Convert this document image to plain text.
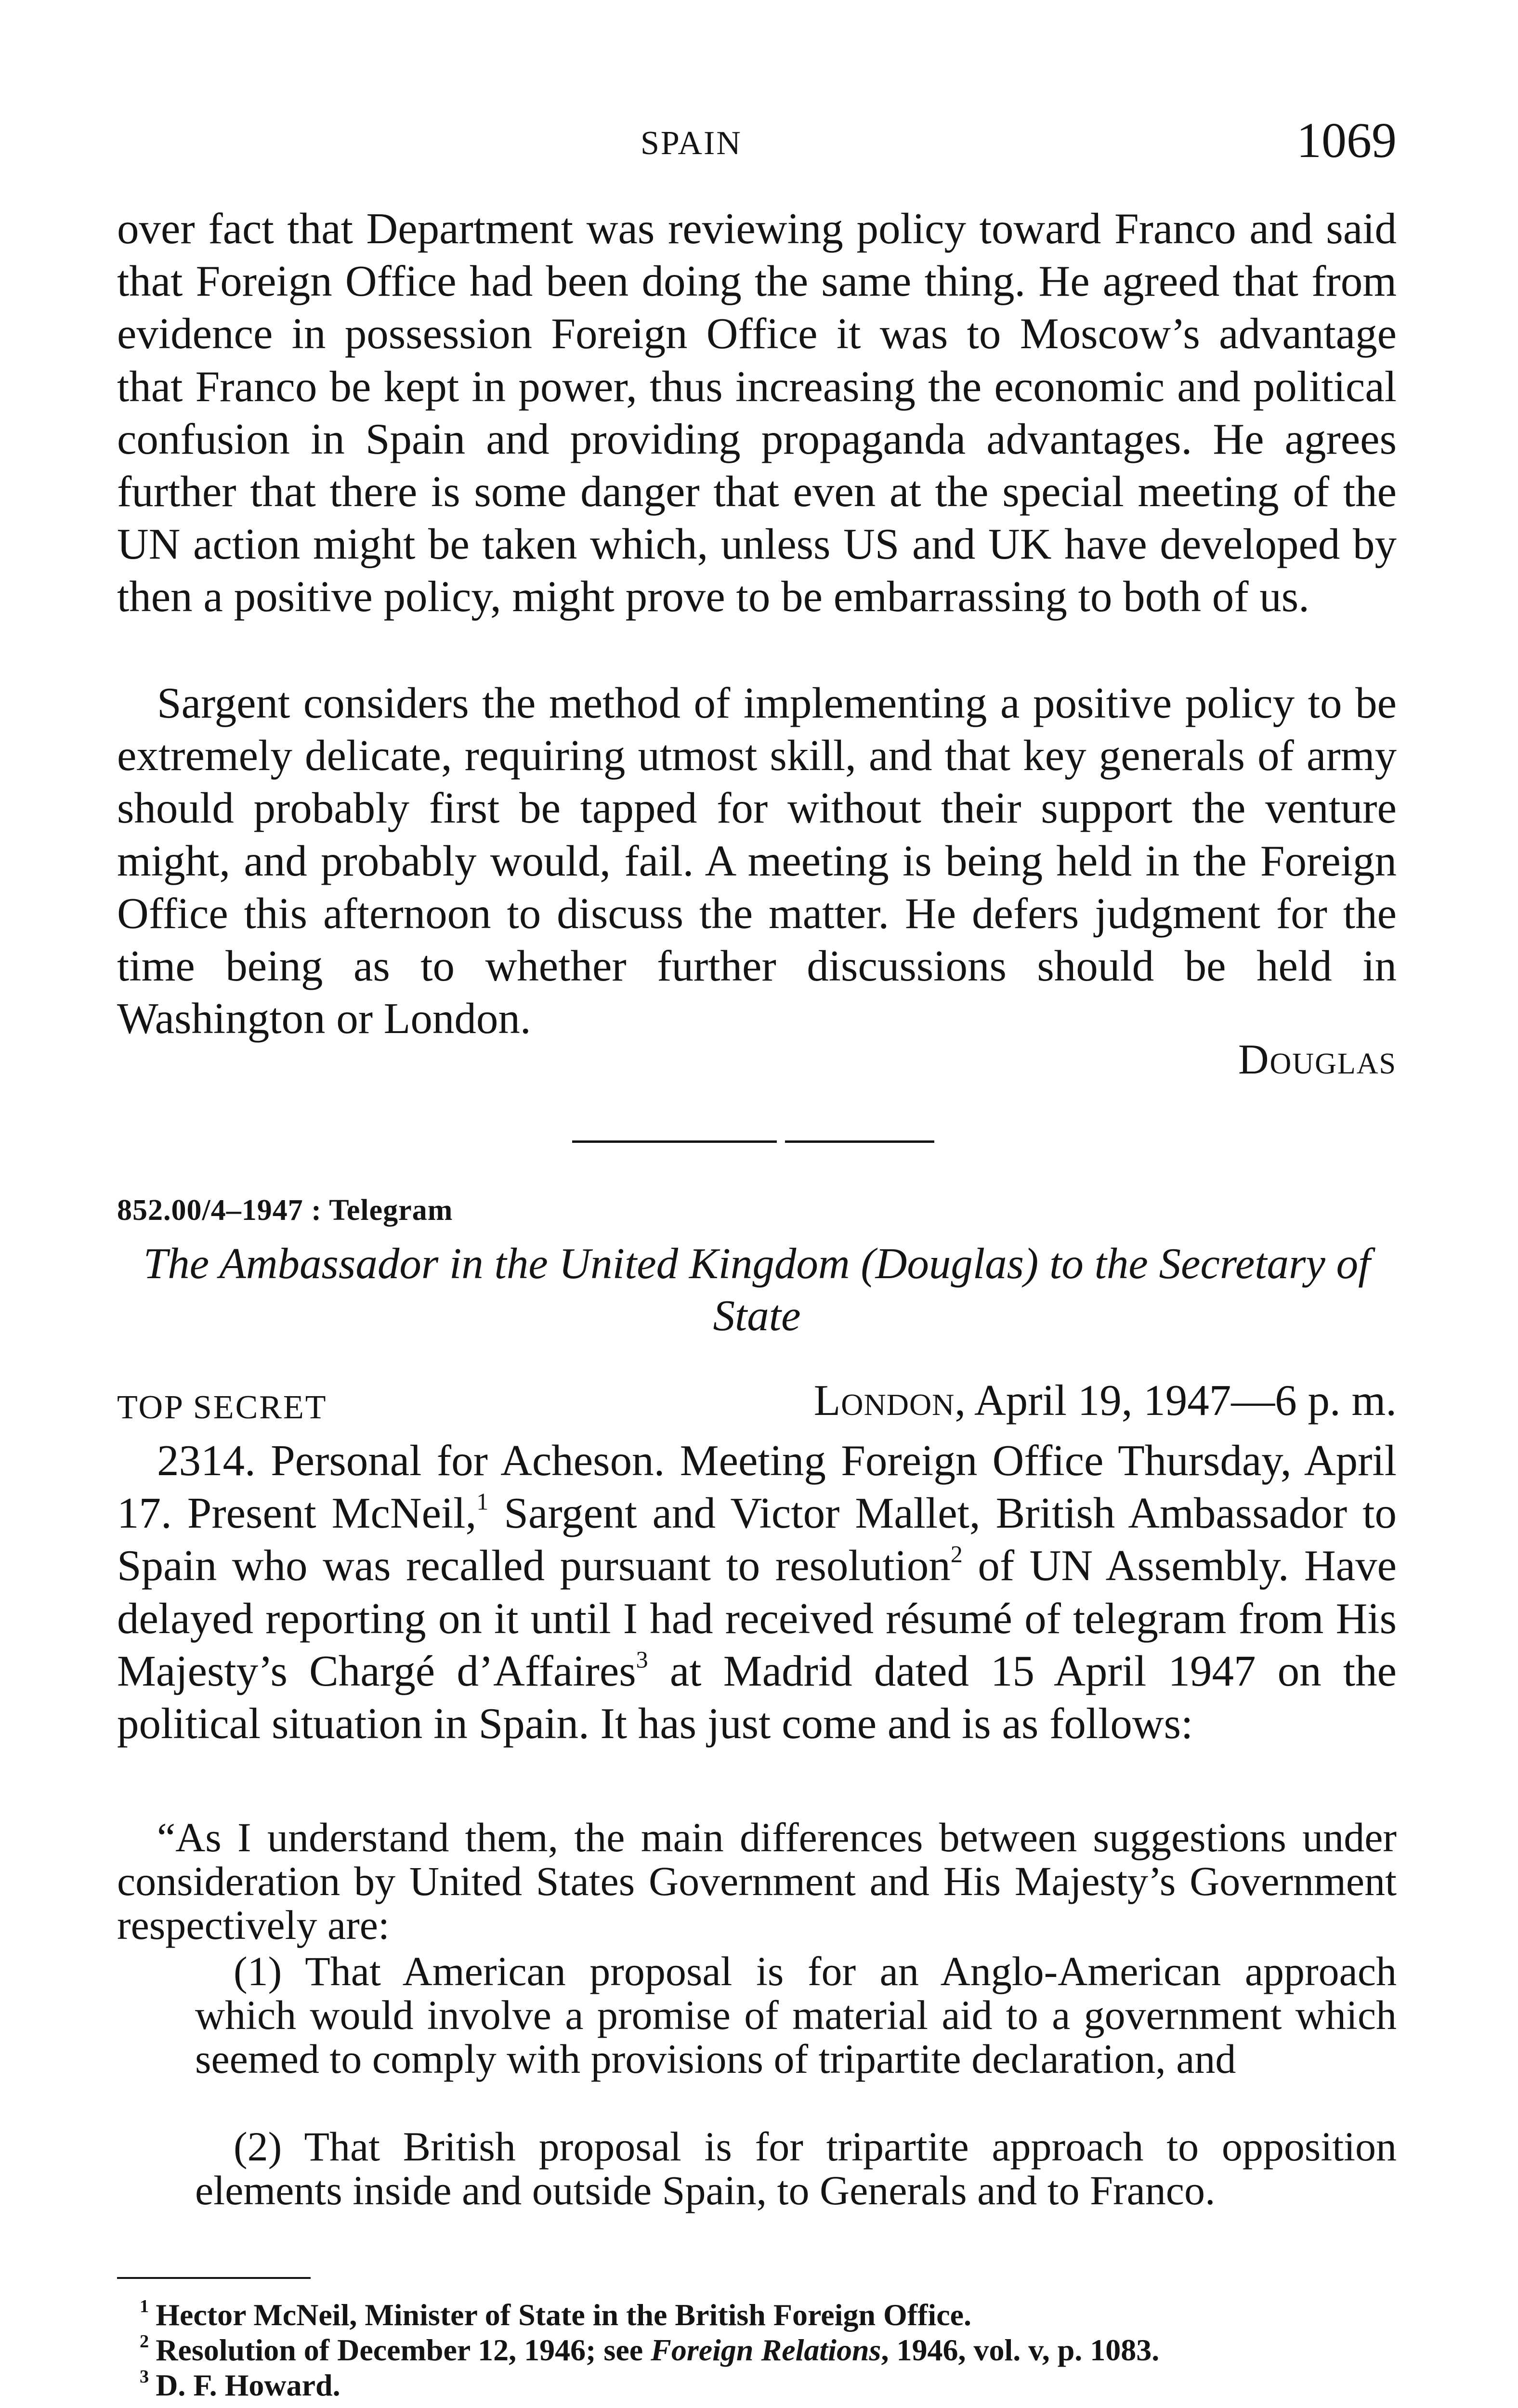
SPAIN	1069

over fact that Department was reviewing policy toward Franco and said that Foreign Office had been doing the same thing. He agreed that from evidence in possession Foreign Office it was to Moscow’s advantage that Franco be kept in power, thus increasing the economic and political confusion in Spain and providing propaganda advantages. He agrees further that there is some danger that even at the special meeting of the UN action might be taken which, unless US and UK have developed by then a positive policy, might prove to be embarrassing to both of us.

Sargent considers the method of implementing a positive policy to be extremely delicate, requiring utmost skill, and that key generals of army should probably first be tapped for without their support the venture might, and probably would, fail. A meeting is being held in the Foreign Office this afternoon to discuss the matter. He defers judgment for the time being as to whether further discussions should be held in Washington or London.

Douglas
852.00/4–1947 : Telegram

The Ambassador in the United Kingdom (Douglas) to the Secretary of State

TOP SECRET	London, April 19, 1947—6 p. m.

2314. Personal for Acheson. Meeting Foreign Office Thursday, April 17. Present McNeil,$^1$ Sargent and Victor Mallet, British Ambassador to Spain who was recalled pursuant to resolution$^2$ of UN Assembly. Have delayed reporting on it until I had received résumé of telegram from His Majesty’s Chargé d’Affaires$^3$ at Madrid dated 15 April 1947 on the political situation in Spain. It has just come and is as follows:

“As I understand them, the main differences between suggestions under consideration by United States Government and His Majesty’s Government respectively are:

(1) That American proposal is for an Anglo-American approach which would involve a promise of material aid to a government which seemed to comply with provisions of tripartite declaration, and

(2) That British proposal is for tripartite approach to opposition elements inside and outside Spain, to Generals and to Franco.

$^1$ Hector McNeil, Minister of State in the British Foreign Office.

$^2$ Resolution of December 12, 1946; see Foreign Relations, 1946, vol. v, p. 1083.

$^3$ D. F. Howard.
